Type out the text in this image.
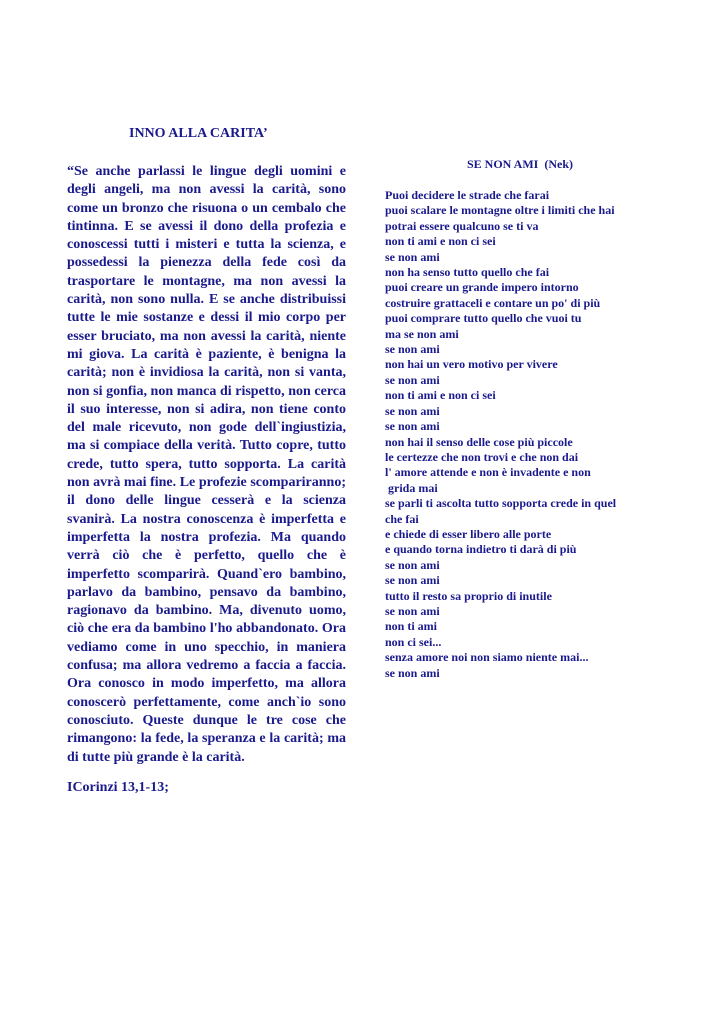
INNO ALLA CARITA’

“Se anche parlassi le lingue degli uomini e degli angeli, ma non avessi la carità, sono come un bronzo che risuona o un cembalo che tintinna. E se avessi il dono della profezia e conoscessi tutti i misteri e tutta la scienza, e possedessi la pienezza della fede così da trasportare le montagne, ma non avessi la carità, non sono nulla. E se anche distribuissi tutte le mie sostanze e dessi il mio corpo per esser bruciato, ma non avessi la carità, niente mi giova. La carità è paziente, è benigna la carità; non è invidiosa la carità, non si vanta, non si gonfia, non manca di rispetto, non cerca il suo interesse, non si adira, non tiene conto del male ricevuto, non gode dell`ingiustizia, ma si compiace della verità. Tutto copre, tutto crede, tutto spera, tutto sopporta. La carità non avrà mai fine. Le profezie scompariranno; il dono delle lingue cesserà e la scienza svanirà. La nostra conoscenza è imperfetta e imperfetta la nostra profezia. Ma quando verrà ciò che è perfetto, quello che è imperfetto scomparirà. Quand`ero bambino, parlavo da bambino, pensavo da bambino, ragionavo da bambino. Ma, divenuto uomo, ciò che era da bambino l'ho abbandonato. Ora vediamo come in uno specchio, in maniera confusa; ma allora vedremo a faccia a faccia. Ora conosco in modo imperfetto, ma allora conoscerò perfettamente, come anch`io sono conosciuto. Queste dunque le tre cose che rimangono: la fede, la speranza e la carità; ma di tutte più grande è la carità.

ICorinzi 13,1-13;

SE NON AMI  (Nek)
Puoi decidere le strade che farai
puoi scalare le montagne oltre i limiti che hai
potrai essere qualcuno se ti va
non ti ami e non ci sei
se non ami
non ha senso tutto quello che fai
puoi creare un grande impero intorno
costruire grattaceli e contare un po' di più
puoi comprare tutto quello che vuoi tu
ma se non ami
se non ami
non hai un vero motivo per vivere
se non ami
non ti ami e non ci sei
se non ami
se non ami
non hai il senso delle cose più piccole
le certezze che non trovi e che non dai
l' amore attende e non è invadente e non
grida mai
se parli ti ascolta tutto sopporta crede in quel
che fai
e chiede di esser libero alle porte
e quando torna indietro ti darà di più
se non ami
se non ami
tutto il resto sa proprio di inutile
se non ami
non ti ami
non ci sei...
senza amore noi non siamo niente mai...
se non ami
